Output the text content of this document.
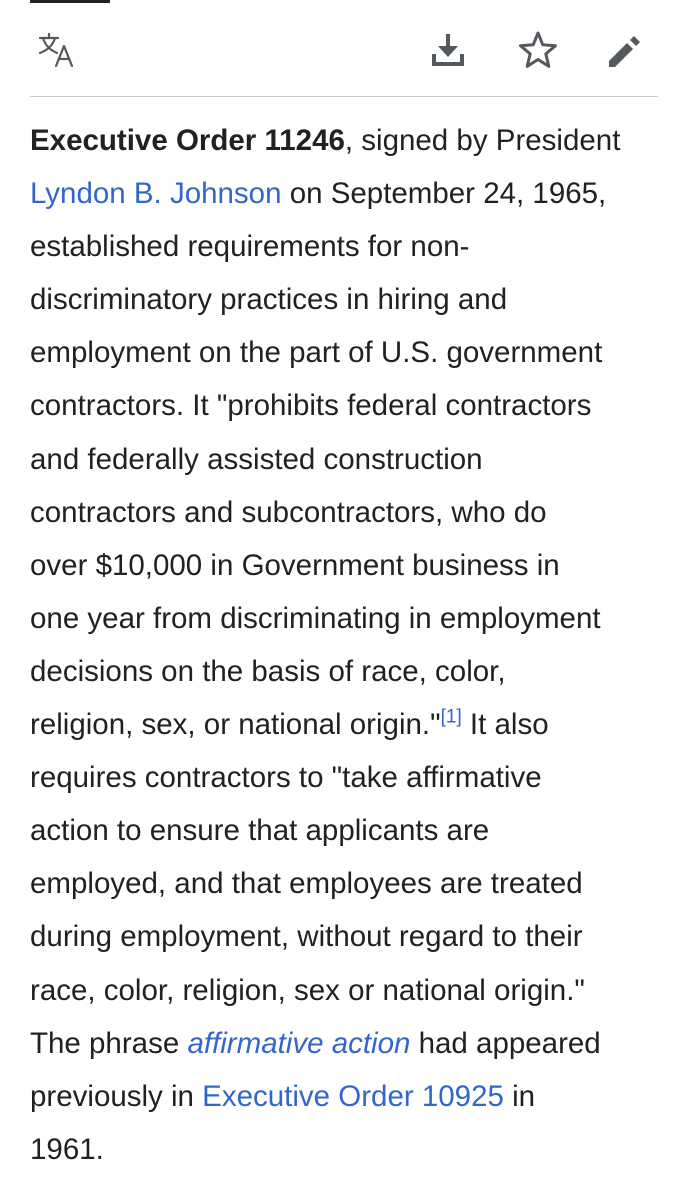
Executive Order 11246, signed by President
Lyndon B. Johnson on September 24, 1965,
established requirements for non-
discriminatory practices in hiring and
employment on the part of U.S. government
contractors. It "prohibits federal contractors
and federally assisted construction
contractors and subcontractors, who do
over $10,000 in Government business in
one year from discriminating in employment
decisions on the basis of race, color,
religion, sex, or national origin."[1] It also
requires contractors to "take affirmative
action to ensure that applicants are
employed, and that employees are treated
during employment, without regard to their
race, color, religion, sex or national origin."
The phrase affirmative action had appeared
previously in Executive Order 10925 in
1961.
